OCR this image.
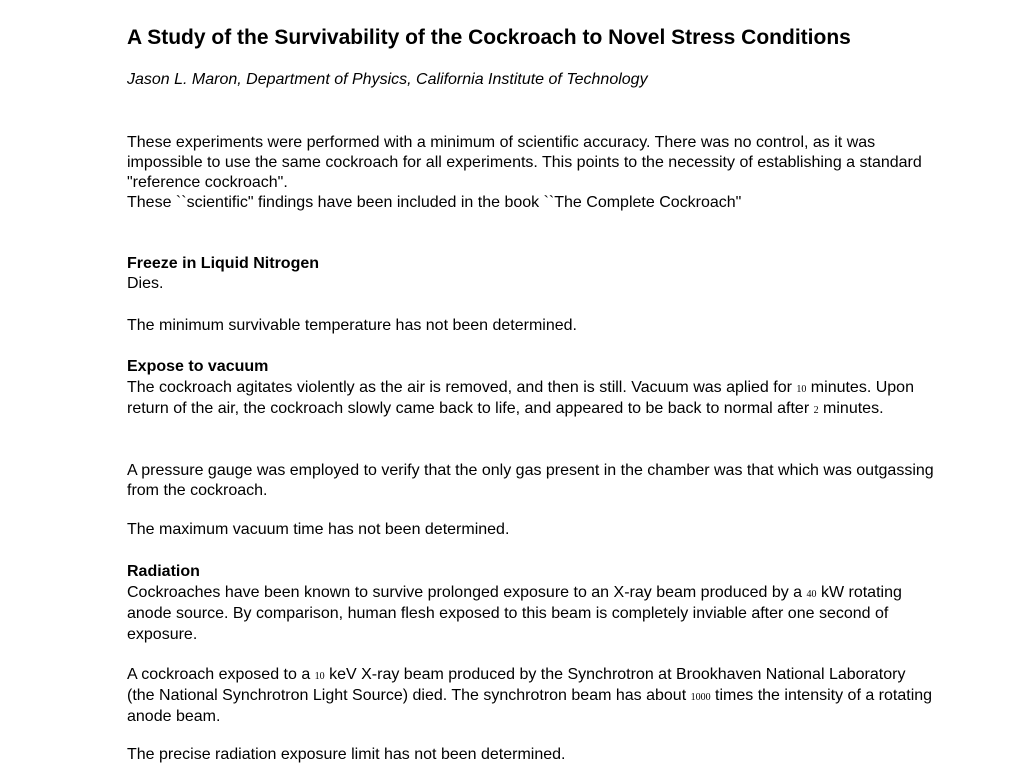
A Study of the Survivability of the Cockroach to Novel Stress Conditions

Jason L. Maron, Department of Physics, California Institute of Technology

These experiments were performed with a minimum of scientific accuracy. There was no control, as it was impossible to use the same cockroach for all experiments. This points to the necessity of establishing a standard "reference cockroach".
These ``scientific" findings have been included in the book ``The Complete Cockroach"

Freeze in Liquid Nitrogen
Dies.

The minimum survivable temperature has not been determined.

Expose to vacuum
The cockroach agitates violently as the air is removed, and then is still. Vacuum was aplied for 10 minutes. Upon return of the air, the cockroach slowly came back to life, and appeared to be back to normal after 2 minutes.

A pressure gauge was employed to verify that the only gas present in the chamber was that which was outgassing from the cockroach.

The maximum vacuum time has not been determined.

Radiation
Cockroaches have been known to survive prolonged exposure to an X-ray beam produced by a 40 kW rotating anode source. By comparison, human flesh exposed to this beam is completely inviable after one second of exposure.

A cockroach exposed to a 10 keV X-ray beam produced by the Synchrotron at Brookhaven National Laboratory (the National Synchrotron Light Source) died. The synchrotron beam has about 1000 times the intensity of a rotating anode beam.

The precise radiation exposure limit has not been determined.
